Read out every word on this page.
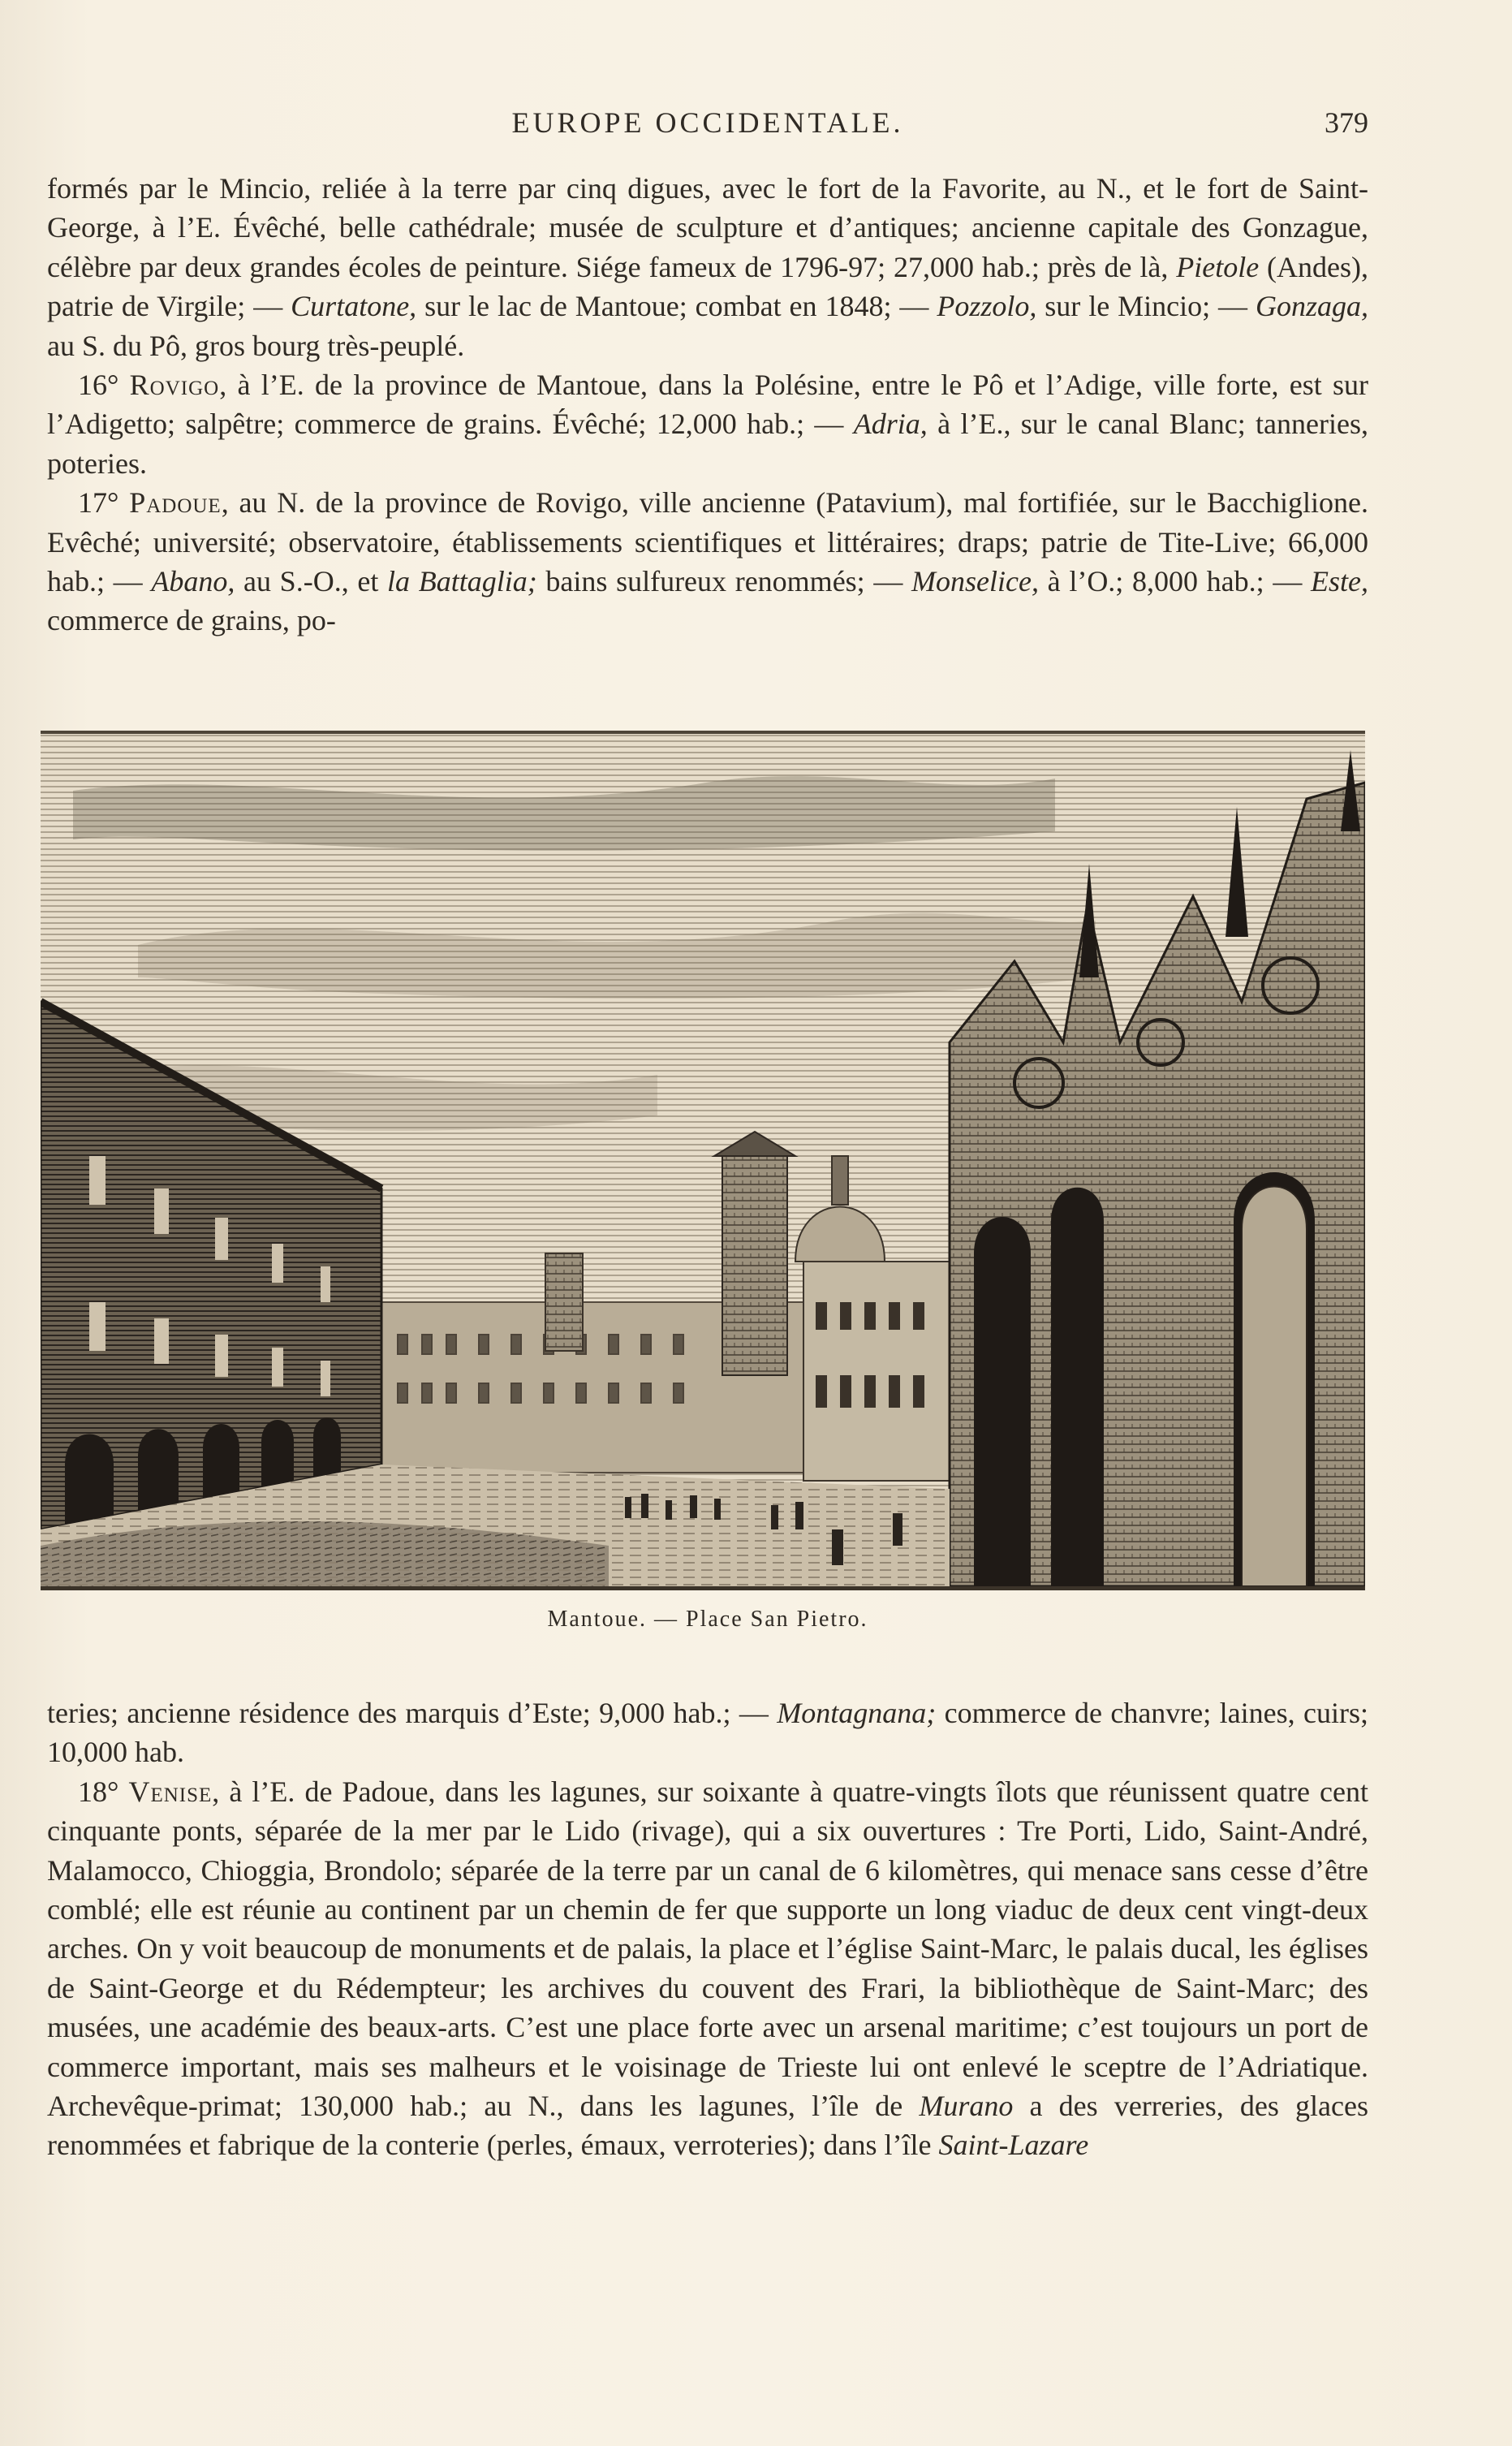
EUROPE OCCIDENTALE.	379

formés par le Mincio, reliée à la terre par cinq digues, avec le fort de la Favorite, au N., et le fort de Saint-George, à l’E. Évêché, belle cathédrale; musée de sculpture et d’antiques; ancienne capitale des Gonzague, célèbre par deux grandes écoles de peinture. Siége fameux de 1796-97; 27,000 hab.; près de là, Pietole (Andes), patrie de Virgile; — Curtatone, sur le lac de Mantoue; combat en 1848; — Pozzolo, sur le Mincio; — Gonzaga, au S. du Pô, gros bourg très-peuplé.

16° Rovigo, à l’E. de la province de Mantoue, dans la Polésine, entre le Pô et l’Adige, ville forte, est sur l’Adigetto; salpêtre; commerce de grains. Évêché; 12,000 hab.; — Adria, à l’E., sur le canal Blanc; tanneries, poteries.

17° Padoue, au N. de la province de Rovigo, ville ancienne (Patavium), mal fortifiée, sur le Bacchiglione. Evêché; université; observatoire, établissements scientifiques et littéraires; draps; patrie de Tite-Live; 66,000 hab.; — Abano, au S.-O., et la Battaglia; bains sulfureux renommés; — Monselice, à l’O.; 8,000 hab.; — Este, commerce de grains, po-

Mantoue. — Place San Pietro.

teries; ancienne résidence des marquis d’Este; 9,000 hab.; — Montagnana; commerce de chanvre; laines, cuirs; 10,000 hab.

18° Venise, à l’E. de Padoue, dans les lagunes, sur soixante à quatre-vingts îlots que réunissent quatre cent cinquante ponts, séparée de la mer par le Lido (rivage), qui a six ouvertures : Tre Porti, Lido, Saint-André, Malamocco, Chioggia, Brondolo; séparée de la terre par un canal de 6 kilomètres, qui menace sans cesse d’être comblé; elle est réunie au continent par un chemin de fer que supporte un long viaduc de deux cent vingt-deux arches. On y voit beaucoup de monuments et de palais, la place et l’église Saint-Marc, le palais ducal, les églises de Saint-George et du Rédempteur; les archives du couvent des Frari, la bibliothèque de Saint-Marc; des musées, une académie des beaux-arts. C’est une place forte avec un arsenal maritime; c’est toujours un port de commerce important, mais ses malheurs et le voisinage de Trieste lui ont enlevé le sceptre de l’Adriatique. Archevêque-primat; 130,000 hab.; au N., dans les lagunes, l’île de Murano a des verreries, des glaces renommées et fabrique de la conterie (perles, émaux, verroteries); dans l’île Saint-Lazare
